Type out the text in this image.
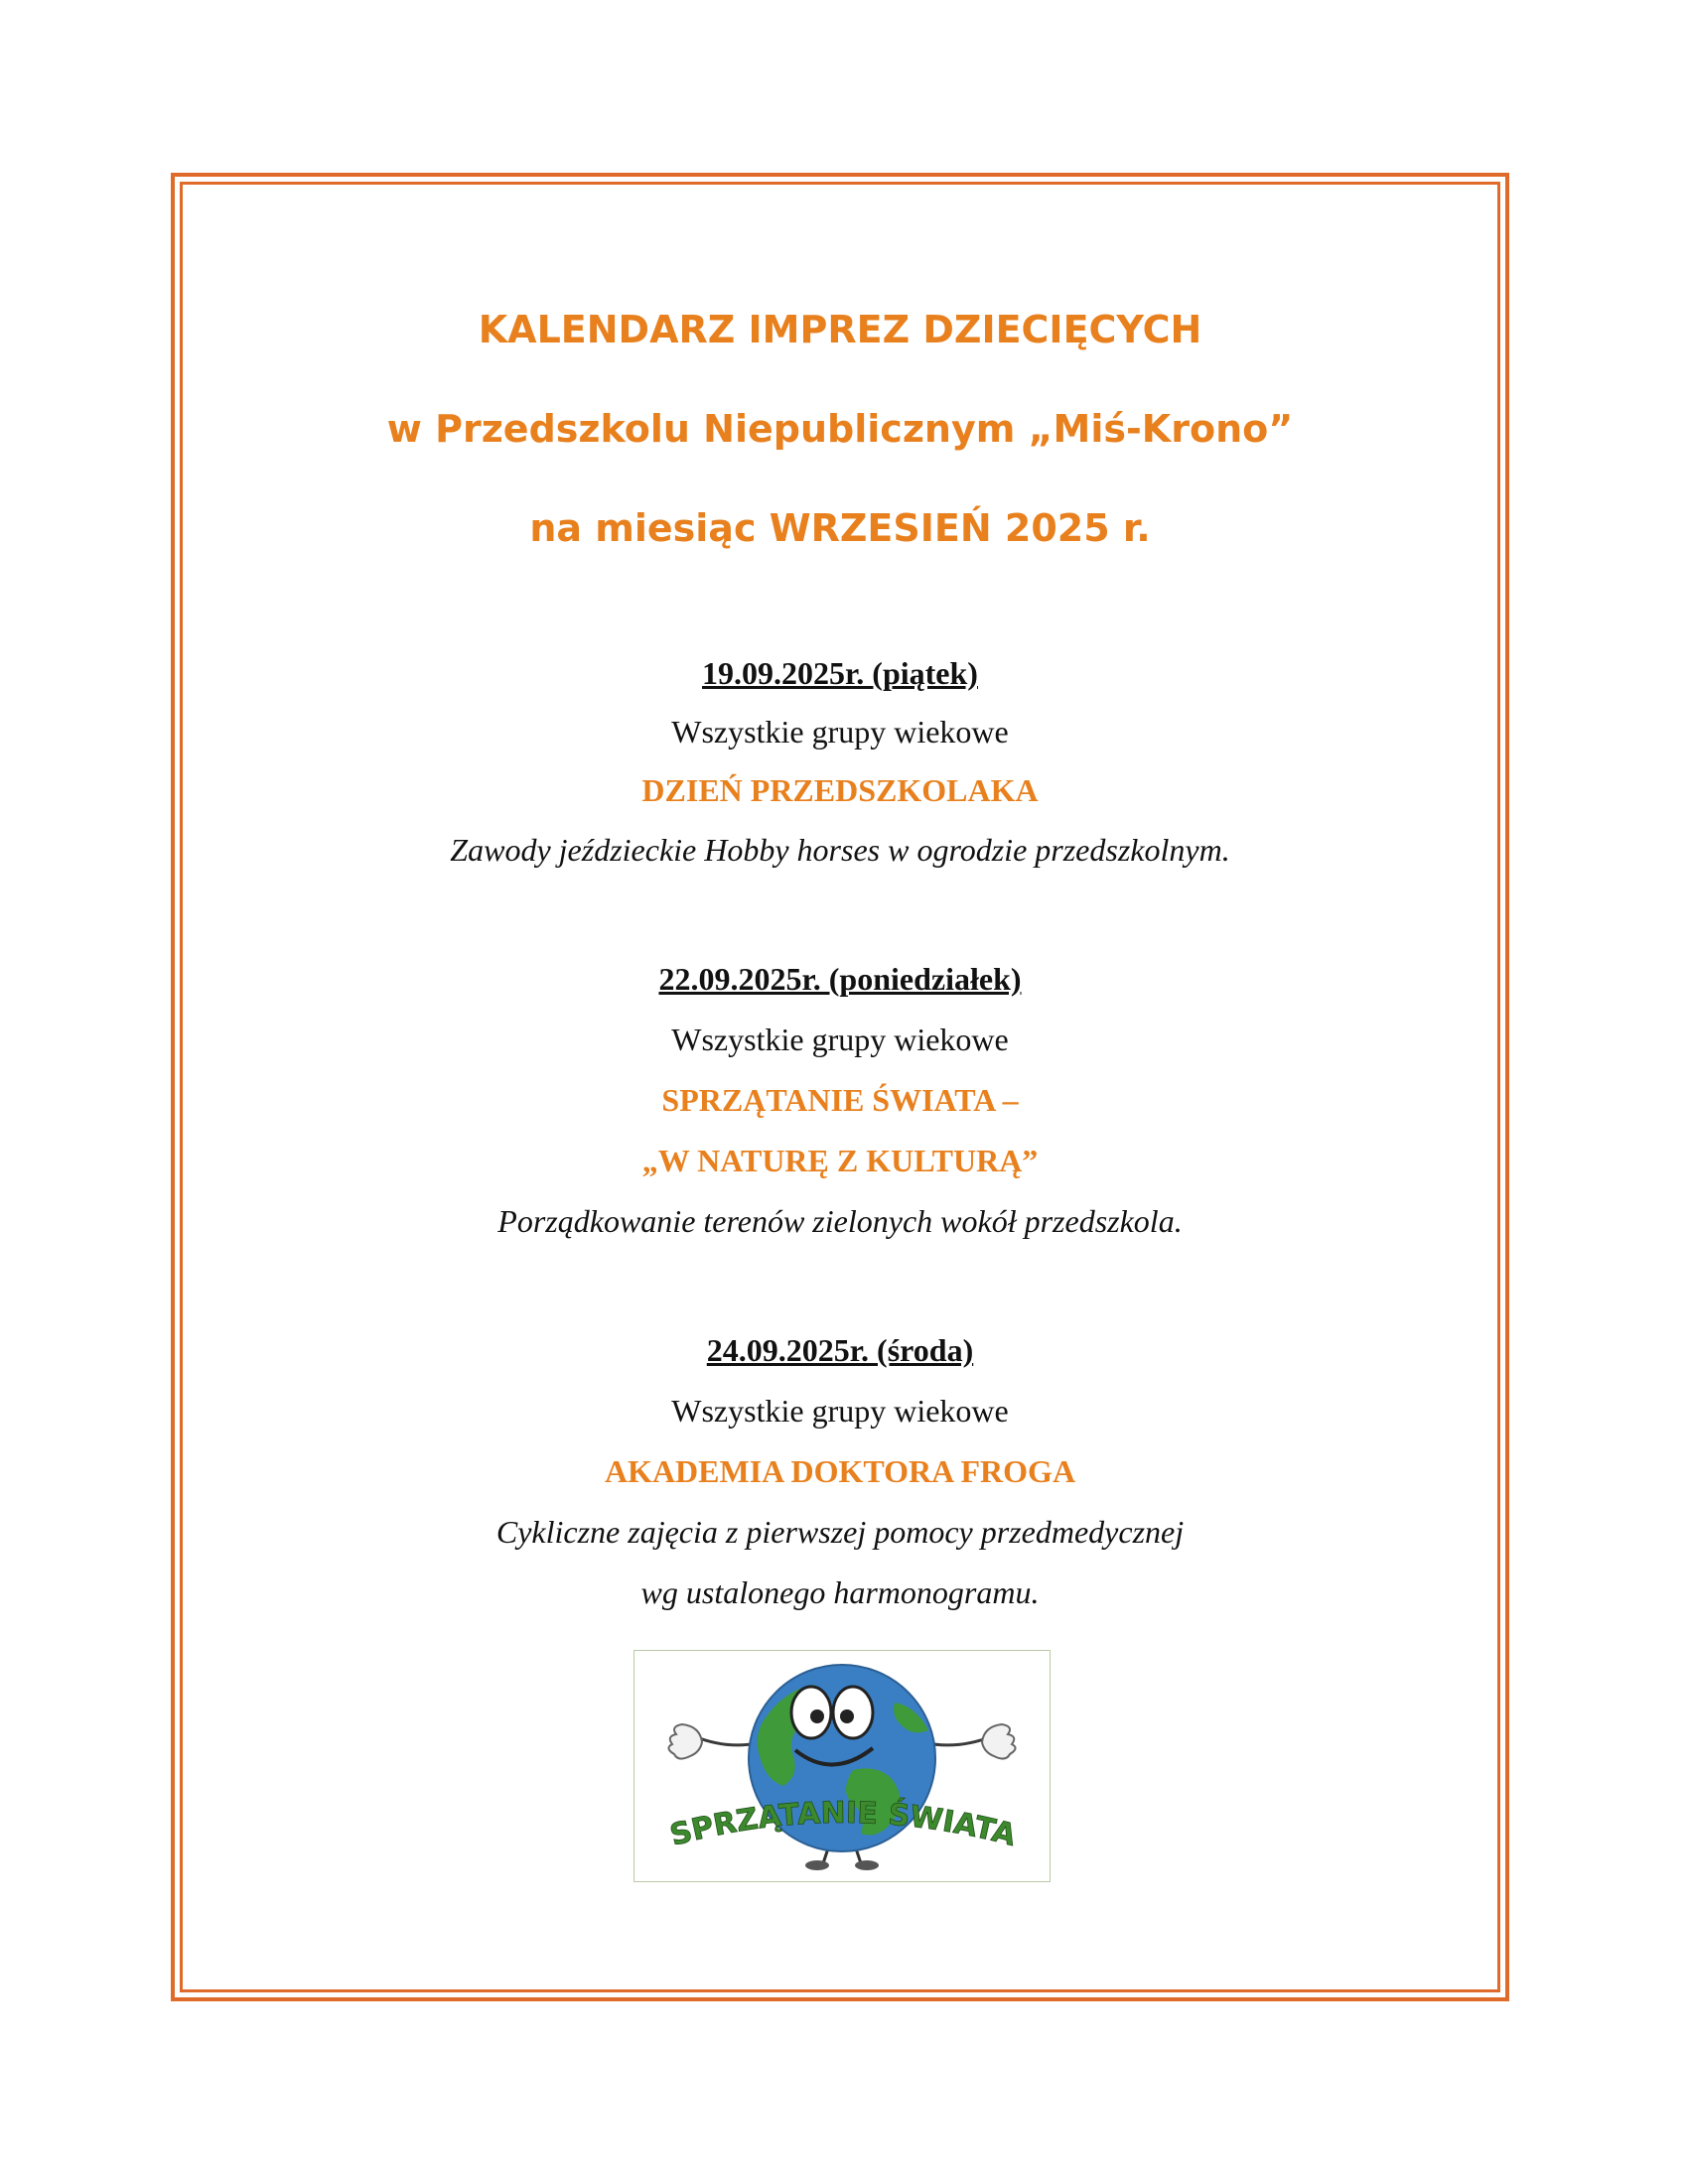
KALENDARZ IMPREZ DZIECIĘCYCH
w Przedszkolu Niepublicznym „Miś-Krono”
na miesiąc WRZESIEŃ 2025 r.

19.09.2025r. (piątek)

Wszystkie grupy wiekowe

DZIEŃ PRZEDSZKOLAKA

Zawody jeździeckie Hobby horses w ogrodzie przedszkolnym.

22.09.2025r. (poniedziałek)

Wszystkie grupy wiekowe

SPRZĄTANIE ŚWIATA –

„W NATURĘ Z KULTURĄ”

Porządkowanie terenów zielonych wokół przedszkola.

24.09.2025r. (środa)

Wszystkie grupy wiekowe

AKADEMIA DOKTORA FROGA

Cykliczne zajęcia z pierwszej pomocy przedmedycznej

wg ustalonego harmonogramu.

SPRZĄTANIE ŚWIATA
